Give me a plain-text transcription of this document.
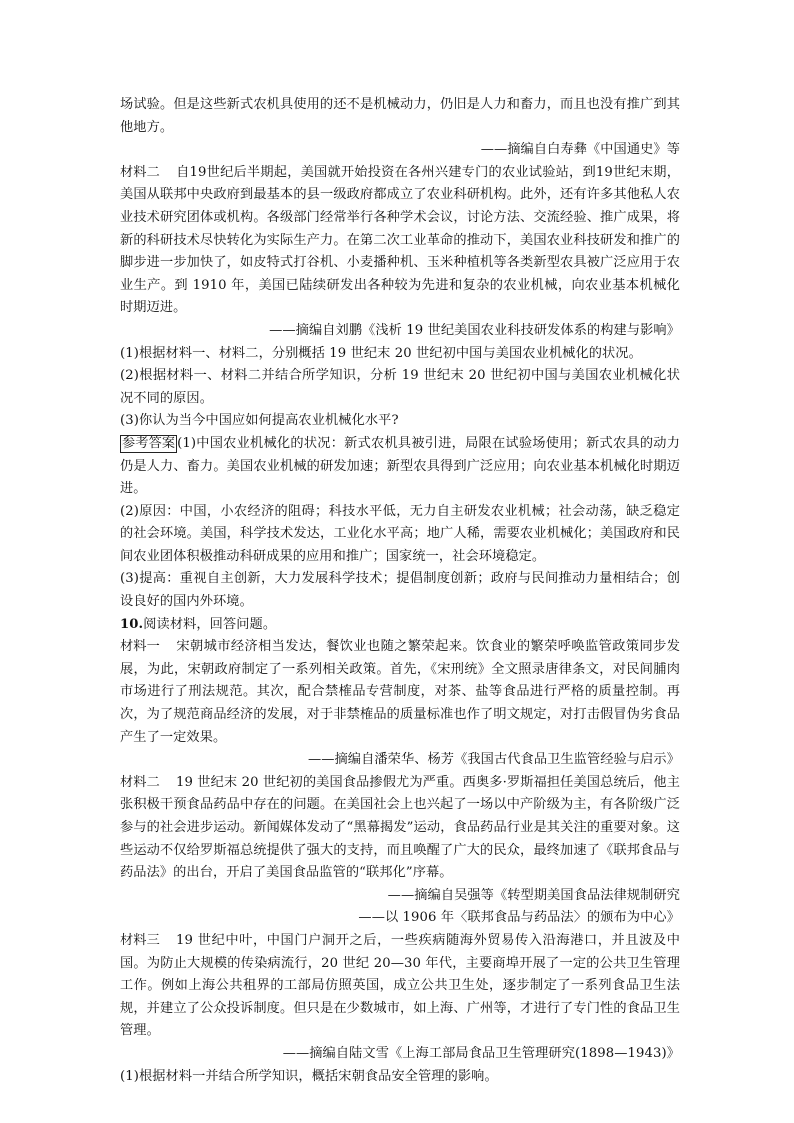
场试验。但是这些新式农机具使用的还不是机械动力，仍旧是人力和畜力，而且也没有推广到其他地方。

——摘编自白寿彝《中国通史》等

材料二 自19世纪后半期起，美国就开始投资在各州兴建专门的农业试验站，到19世纪末期，美国从联邦中央政府到最基本的县一级政府都成立了农业科研机构。此外，还有许多其他私人农业技术研究团体或机构。各级部门经常举行各种学术会议，讨论方法、交流经验、推广成果，将新的科研技术尽快转化为实际生产力。在第二次工业革命的推动下，美国农业科技研发和推广的脚步进一步加快了，如皮特式打谷机、小麦播种机、玉米种植机等各类新型农具被广泛应用于农业生产。到 1910 年，美国已陆续研发出各种较为先进和复杂的农业机械，向农业基本机械化时期迈进。

——摘编自刘鹏《浅析 19 世纪美国农业科技研发体系的构建与影响》

(1)根据材料一、材料二，分别概括 19 世纪末 20 世纪初中国与美国农业机械化的状况。

(2)根据材料一、材料二并结合所学知识，分析 19 世纪末 20 世纪初中国与美国农业机械化状况不同的原因。

(3)你认为当今中国应如何提高农业机械化水平?

参考答案 (1)中国农业机械化的状况：新式农机具被引进，局限在试验场使用；新式农具的动力仍是人力、畜力。美国农业机械的研发加速；新型农具得到广泛应用；向农业基本机械化时期迈进。

(2)原因：中国，小农经济的阻碍；科技水平低，无力自主研发农业机械；社会动荡，缺乏稳定的社会环境。美国，科学技术发达，工业化水平高；地广人稀，需要农业机械化；美国政府和民间农业团体积极推动科研成果的应用和推广；国家统一，社会环境稳定。

(3)提高：重视自主创新，大力发展科学技术；提倡制度创新；政府与民间推动力量相结合；创设良好的国内外环境。

10.阅读材料，回答问题。

材料一 宋朝城市经济相当发达，餐饮业也随之繁荣起来。饮食业的繁荣呼唤监管政策同步发展，为此，宋朝政府制定了一系列相关政策。首先，《宋刑统》全文照录唐律条文，对民间脯肉市场进行了刑法规范。其次，配合禁榷品专营制度，对茶、盐等食品进行严格的质量控制。再次，为了规范商品经济的发展，对于非禁榷品的质量标准也作了明文规定，对打击假冒伪劣食品产生了一定效果。

——摘编自潘荣华、杨芳《我国古代食品卫生监管经验与启示》

材料二 19 世纪末 20 世纪初的美国食品掺假尤为严重。西奥多·罗斯福担任美国总统后，他主张积极干预食品药品中存在的问题。在美国社会上也兴起了一场以中产阶级为主，有各阶级广泛参与的社会进步运动。新闻媒体发动了“黑幕揭发”运动，食品药品行业是其关注的重要对象。这些运动不仅给罗斯福总统提供了强大的支持，而且唤醒了广大的民众，最终加速了《联邦食品与药品法》的出台，开启了美国食品监管的“联邦化”序幕。

——摘编自吴强等《转型期美国食品法律规制研究

——以 1906 年〈联邦食品与药品法〉的颁布为中心》

材料三 19 世纪中叶，中国门户洞开之后，一些疾病随海外贸易传入沿海港口，并且波及中国。为防止大规模的传染病流行，20 世纪 20—30 年代，主要商埠开展了一定的公共卫生管理工作。例如上海公共租界的工部局仿照英国，成立公共卫生处，逐步制定了一系列食品卫生法规，并建立了公众投诉制度。但只是在少数城市，如上海、广州等，才进行了专门性的食品卫生管理。

——摘编自陆文雪《上海工部局食品卫生管理研究(1898—1943)》

(1)根据材料一并结合所学知识，概括宋朝食品安全管理的影响。
